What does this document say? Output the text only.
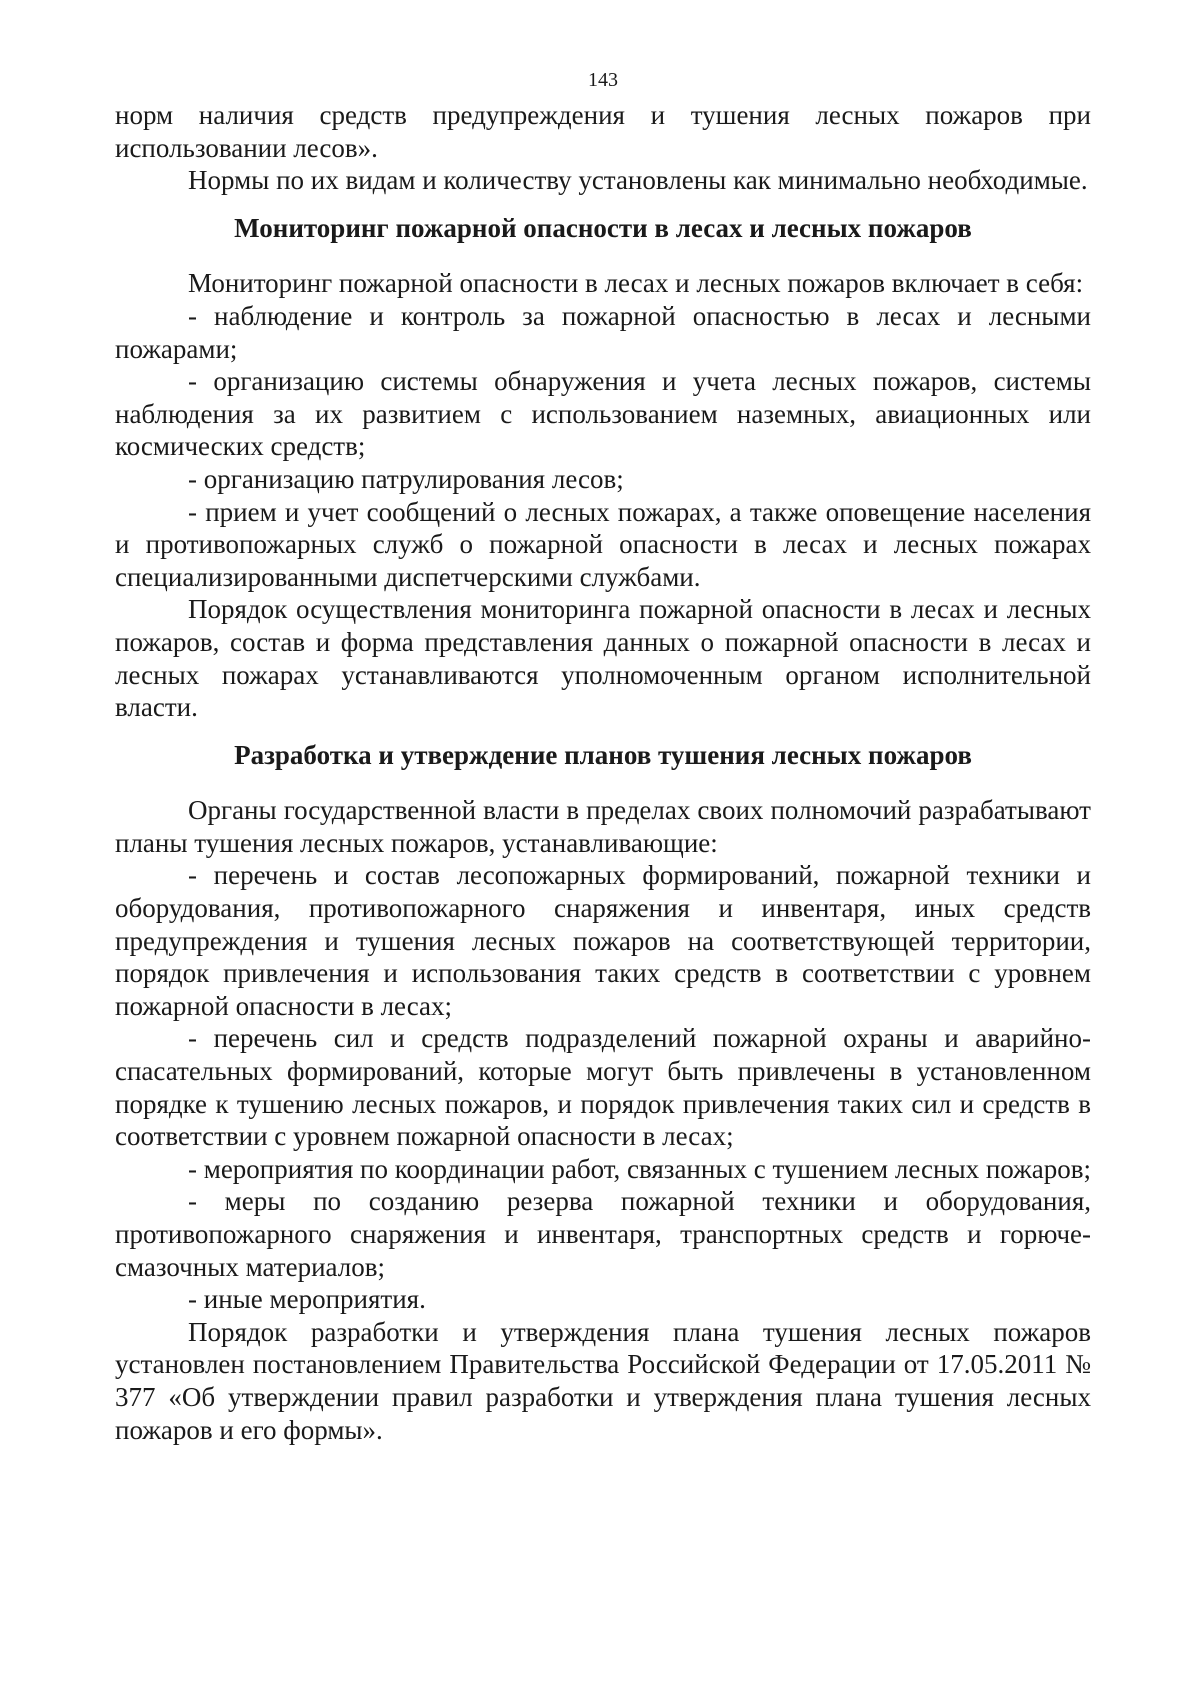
143

норм наличия средств предупреждения и тушения лесных пожаров при использовании лесов».

Нормы по их видам и количеству установлены как минимально необходимые.

Мониторинг пожарной опасности в лесах и лесных пожаров

Мониторинг пожарной опасности в лесах и лесных пожаров включает в себя:

- наблюдение и контроль за пожарной опасностью в лесах и лесными пожарами;

- организацию системы обнаружения и учета лесных пожаров, системы наблюдения за их развитием с использованием наземных, авиационных или космических средств;

- организацию патрулирования лесов;

- прием и учет сообщений о лесных пожарах, а также оповещение населения и противопожарных служб о пожарной опасности в лесах и лесных пожарах специализированными диспетчерскими службами.

Порядок осуществления мониторинга пожарной опасности в лесах и лесных пожаров, состав и форма представления данных о пожарной опасности в лесах и лесных пожарах устанавливаются уполномоченным органом исполнительной власти.

Разработка и утверждение планов тушения лесных пожаров

Органы государственной власти в пределах своих полномочий разрабатывают планы тушения лесных пожаров, устанавливающие:

- перечень и состав лесопожарных формирований, пожарной техники и оборудования, противопожарного снаряжения и инвентаря, иных средств предупреждения и тушения лесных пожаров на соответствующей территории, порядок привлечения и использования таких средств в соответствии с уровнем пожарной опасности в лесах;

- перечень сил и средств подразделений пожарной охраны и аварийно-спасательных формирований, которые могут быть привлечены в установленном порядке к тушению лесных пожаров, и порядок привлечения таких сил и средств в соответствии с уровнем пожарной опасности в лесах;

- мероприятия по координации работ, связанных с тушением лесных пожаров;

- меры по созданию резерва пожарной техники и оборудования, противопожарного снаряжения и инвентаря, транспортных средств и горюче-смазочных материалов;

- иные мероприятия.

Порядок разработки и утверждения плана тушения лесных пожаров установлен постановлением Правительства Российской Федерации от 17.05.2011 № 377 «Об утверждении правил разработки и утверждения плана тушения лесных пожаров и его формы».
